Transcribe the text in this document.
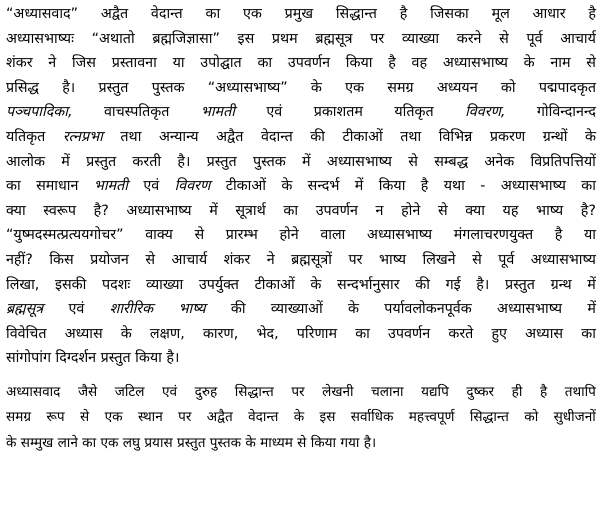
“अध्यासवाद” अद्वैत वेदान्त का एक प्रमुख सिद्धान्त है जिसका मूल आधार है
अध्यासभाष्यः “अथातो ब्रह्मजिज्ञासा” इस प्रथम ब्रह्मसूत्र पर व्याख्या करने से पूर्व आचार्य
शंकर ने जिस प्रस्तावना या उपोद्घात का उपवर्णन किया है वह अध्यासभाष्य के नाम से
प्रसिद्ध है। प्रस्तुत पुस्तक “अध्यासभाष्य” के एक समग्र अध्ययन को पद्मपादकृत
पञ्चपादिका, वाचस्पतिकृत भामती एवं प्रकाशतम यतिकृत विवरण, गोविन्दानन्द
यतिकृत रत्नप्रभा तथा अन्यान्य अद्वैत वेदान्त की टीकाओं तथा विभिन्न प्रकरण ग्रन्थों के
आलोक में प्रस्तुत करती है। प्रस्तुत पुस्तक में अध्यासभाष्य से सम्बद्ध अनेक विप्रतिपत्तियों
का समाधान भामती एवं विवरण टीकाओं के सन्दर्भ में किया है यथा - अध्यासभाष्य का
क्या स्वरूप है? अध्यासभाष्य में सूत्रार्थ का उपवर्णन न होने से क्या यह भाष्य है?
“युष्मदस्मत्प्रत्ययगोचर” वाक्य से प्रारम्भ होने वाला अध्यासभाष्य मंगलाचरणयुक्त है या
नहीं? किस प्रयोजन से आचार्य शंकर ने ब्रह्मसूत्रों पर भाष्य लिखने से पूर्व अध्यासभाष्य
लिखा, इसकी पदशः व्याख्या उपर्युक्त टीकाओं के सन्दर्भानुसार की गई है। प्रस्तुत ग्रन्थ में
ब्रह्मसूत्र एवं शारीरिक भाष्य की व्याख्याओं के पर्यावलोकनपूर्वक अध्यासभाष्य में
विवेचित अध्यास के लक्षण, कारण, भेद, परिणाम का उपवर्णन करते हुए अध्यास का
सांगोपांग दिग्दर्शन प्रस्तुत किया है।
अध्यासवाद जैसे जटिल एवं दुरुह सिद्धान्त पर लेखनी चलाना यद्यपि दुष्कर ही है तथापि
समग्र रूप से एक स्थान पर अद्वैत वेदान्त के इस सर्वाधिक महत्त्वपूर्ण सिद्धान्त को सुधीजनों
के सम्मुख लाने का एक लघु प्रयास प्रस्तुत पुस्तक के माध्यम से किया गया है।
